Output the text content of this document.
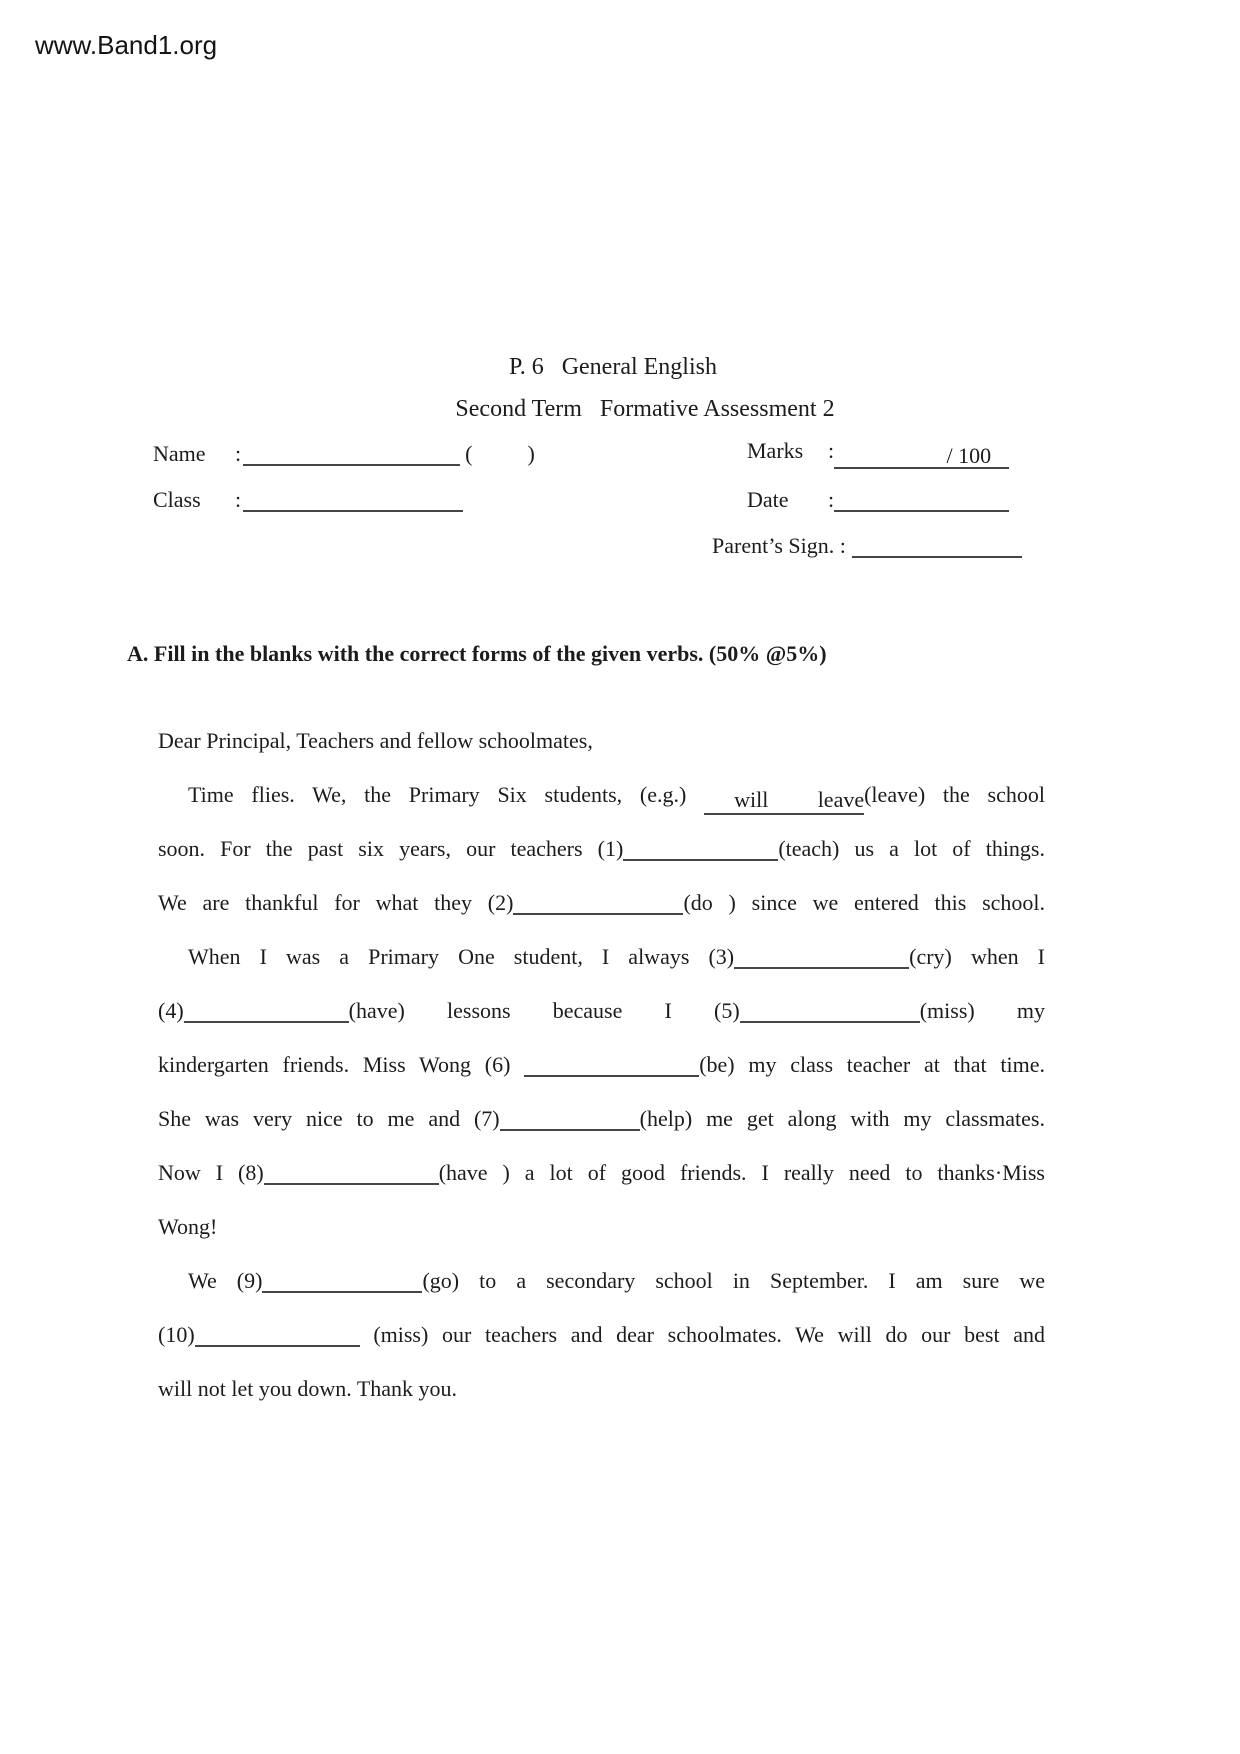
www.Band1.org
P. 6   General English
Second Term   Formative Assessment 2
Name :	(	)
Class :
Marks :	/ 100
Date :
Parent’s Sign. :
A. Fill in the blanks with the correct forms of the given verbs. (50% @5%)
Dear Principal, Teachers and fellow schoolmates,
Time flies. We, the Primary Six students, (e.g.) will leave(leave) the school
soon. For the past six years, our teachers (1)	(teach) us a lot of things.
We are thankful for what they (2)	(do ) since we entered this school.
When I was a Primary One student, I always (3)	(cry) when I
(4)	(have) lessons because I (5)	(miss) my
kindergarten friends. Miss Wong (6)	(be) my class teacher at that time.
She was very nice to me and (7)	(help) me get along with my classmates.
Now I (8)	(have ) a lot of good friends. I really need to thanks·Miss
Wong!
We (9)	(go) to a secondary school in September. I am sure we
(10)	(miss) our teachers and dear schoolmates. We will do our best and
will not let you down. Thank you.
